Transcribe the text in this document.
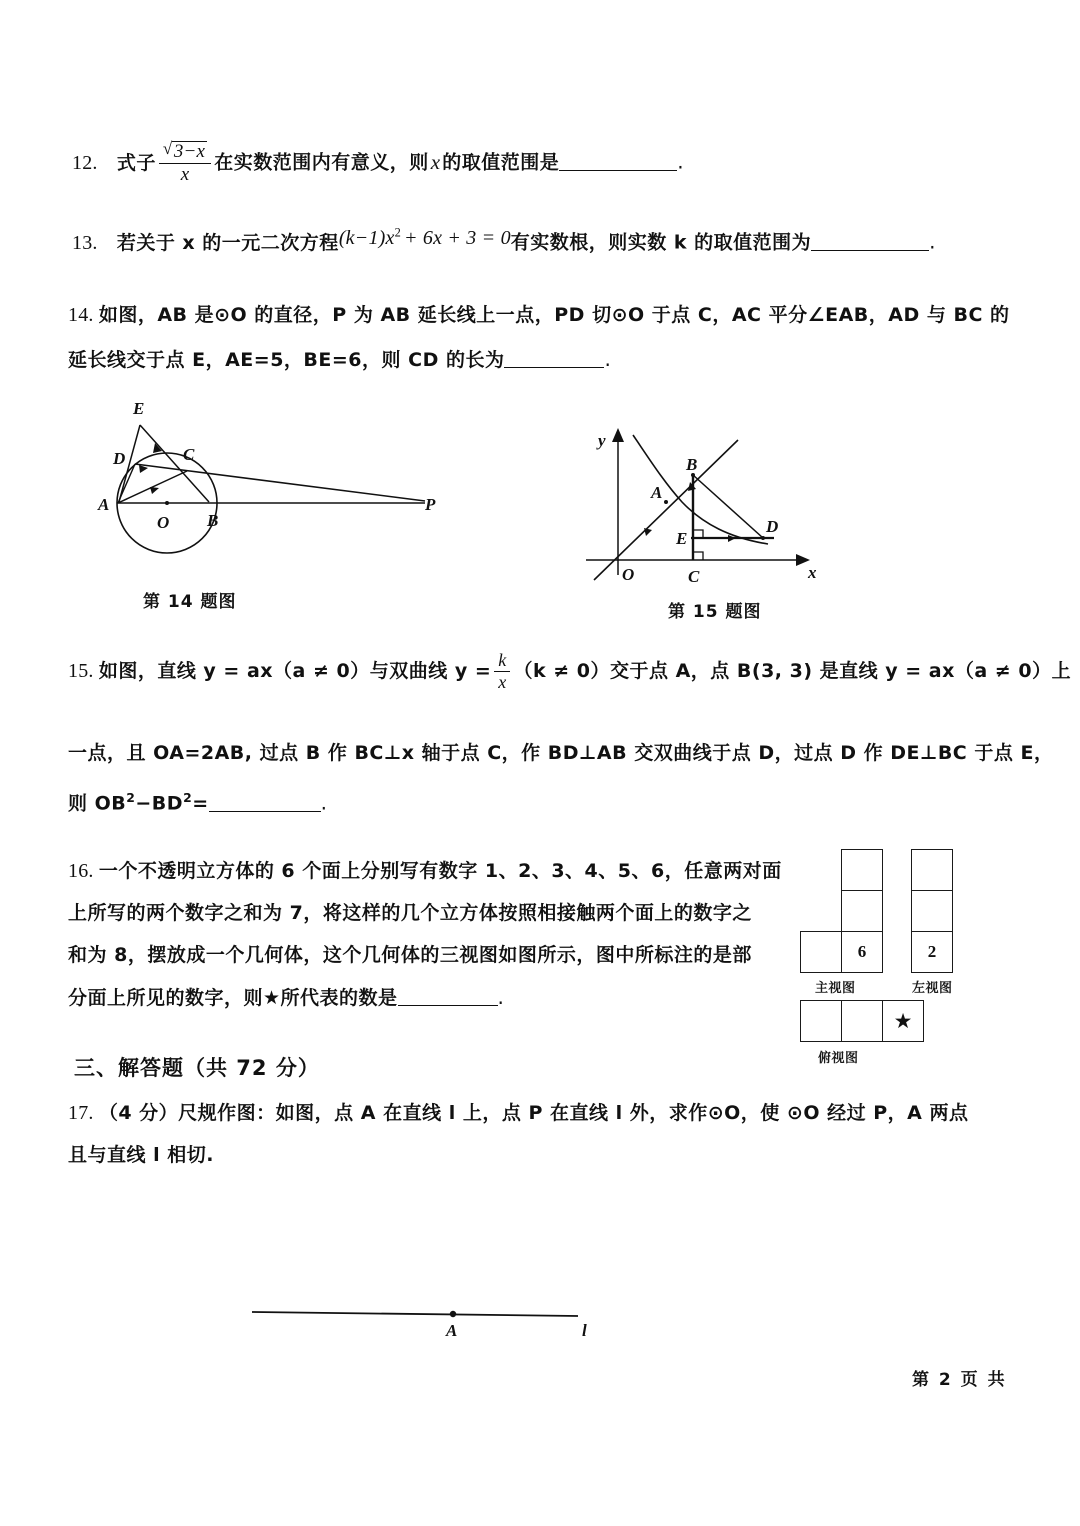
12. 式子 √ $\frac{3-x}{x}$ 在实数范围内有意义，则x 的取值范围是	.
13. 若关于 x 的一元二次方程$(k-1)x^2 + 6x + 3 = 0$有实数根，则实数 k 的取值范围为	.
14. 如图，AB 是⊙O 的直径，P 为 AB 延长线上一点，PD 切⊙O 于点 C，AC 平分∠EAB，AD 与 BC 的
延长线交于点 E，AE=5，BE=6，则 CD 的长为	.
E
D	C
A
O B
P
第 14 题图
y
B
A
D
E
O	C	x
第 15 题图
15. 如图，直线 y = ax（a ≠ 0）与双曲线 $y = \frac{k}{x} (k \ne 0)$交于点 A，点 B(3, 3) 是直线 y = ax（a ≠ 0）上
一点，且 OA=2AB, 过点 B 作 BC⊥x 轴于点 C，作 BD⊥AB 交双曲线于点 D，过点 D 作 DE⊥BC 于点 E，
则 $OB^2-BD^2=$	.
16. 一个不透明立方体的 6 个面上分别写有数字 1、2、3、4、5、6，任意两对面
上所写的两个数字之和为 7，将这样的几个立方体按照相接触两个面上的数字之
和为 8，摆放成一个几何体，这个几何体的三视图如图所示，图中所标注的是部
分面上所见的数字，则★所代表的数是	.
6
主视图
2
左视图
★
俯视图
三、解答题（共 72 分）
17. （4 分）尺规作图：如图，点 A 在直线 l 上，点 P 在直线 l 外，求作⊙O，使 ⊙O 经过 P，A 两点
且与直线 l 相切.
A	l
第 2 页 共
